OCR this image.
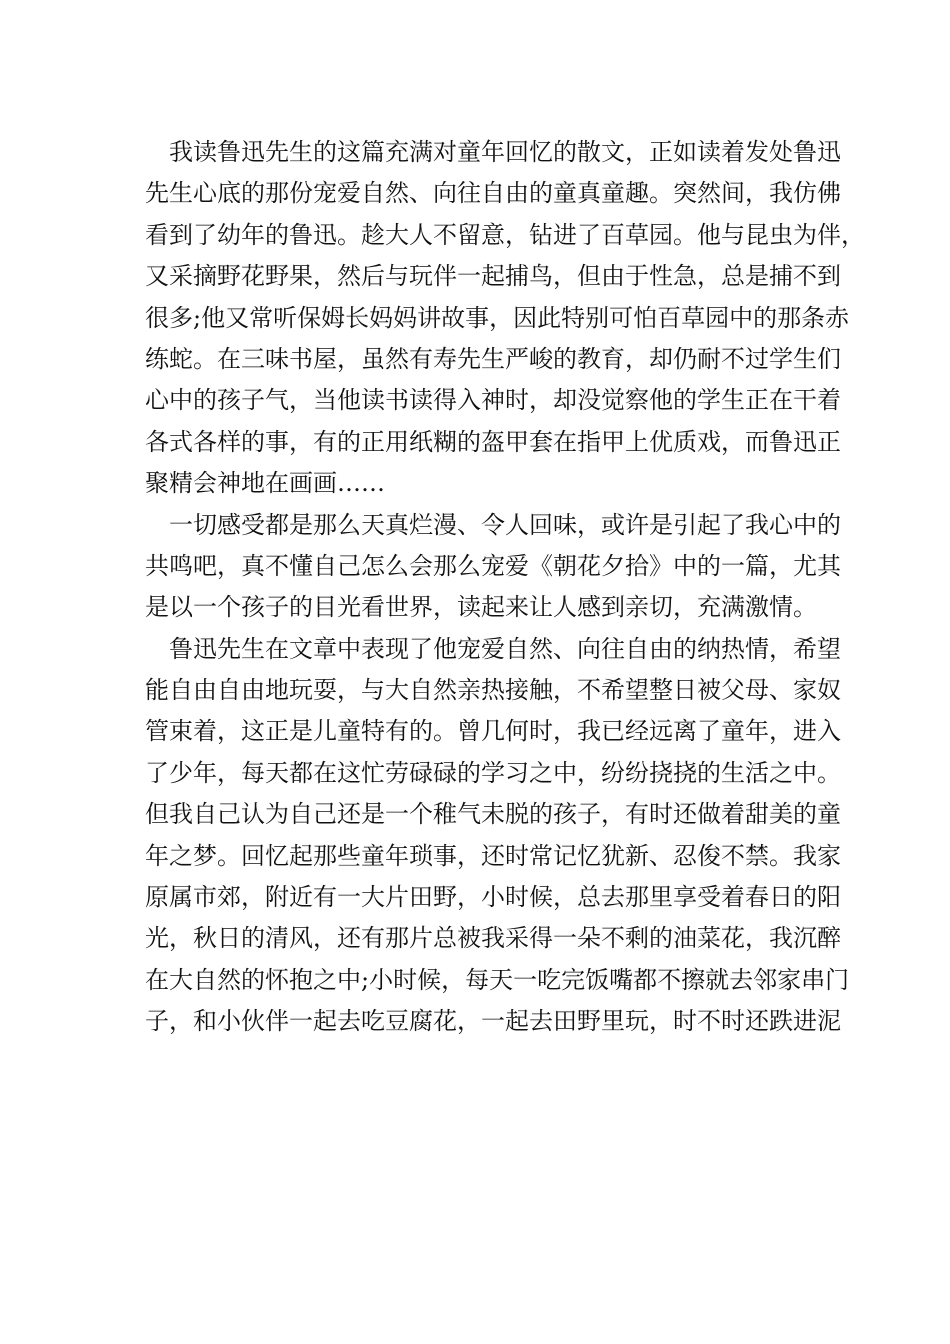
我读鲁迅先生的这篇充满对童年回忆的散文，正如读着发处鲁迅
先生心底的那份宠爱自然、向往自由的童真童趣。突然间，我仿佛
看到了幼年的鲁迅。趁大人不留意，钻进了百草园。他与昆虫为伴，
又采摘野花野果，然后与玩伴一起捕鸟，但由于性急，总是捕不到
很多;他又常听保姆长妈妈讲故事，因此特别可怕百草园中的那条赤
练蛇。在三味书屋，虽然有寿先生严峻的教育，却仍耐不过学生们
心中的孩子气，当他读书读得入神时，却没觉察他的学生正在干着
各式各样的事，有的正用纸糊的盔甲套在指甲上优质戏，而鲁迅正
聚精会神地在画画……
一切感受都是那么天真烂漫、令人回味，或许是引起了我心中的
共鸣吧，真不懂自己怎么会那么宠爱《朝花夕拾》中的一篇，尤其
是以一个孩子的目光看世界，读起来让人感到亲切，充满激情。
鲁迅先生在文章中表现了他宠爱自然、向往自由的纳热情，希望
能自由自由地玩耍，与大自然亲热接触，不希望整日被父母、家奴
管束着，这正是儿童特有的。曾几何时，我已经远离了童年，进入
了少年，每天都在这忙劳碌碌的学习之中，纷纷挠挠的生活之中。
但我自己认为自己还是一个稚气未脱的孩子，有时还做着甜美的童
年之梦。回忆起那些童年琐事，还时常记忆犹新、忍俊不禁。我家
原属市郊，附近有一大片田野，小时候，总去那里享受着春日的阳
光，秋日的清风，还有那片总被我采得一朵不剩的油菜花，我沉醉
在大自然的怀抱之中;小时候，每天一吃完饭嘴都不擦就去邻家串门
子，和小伙伴一起去吃豆腐花，一起去田野里玩，时不时还跌进泥
